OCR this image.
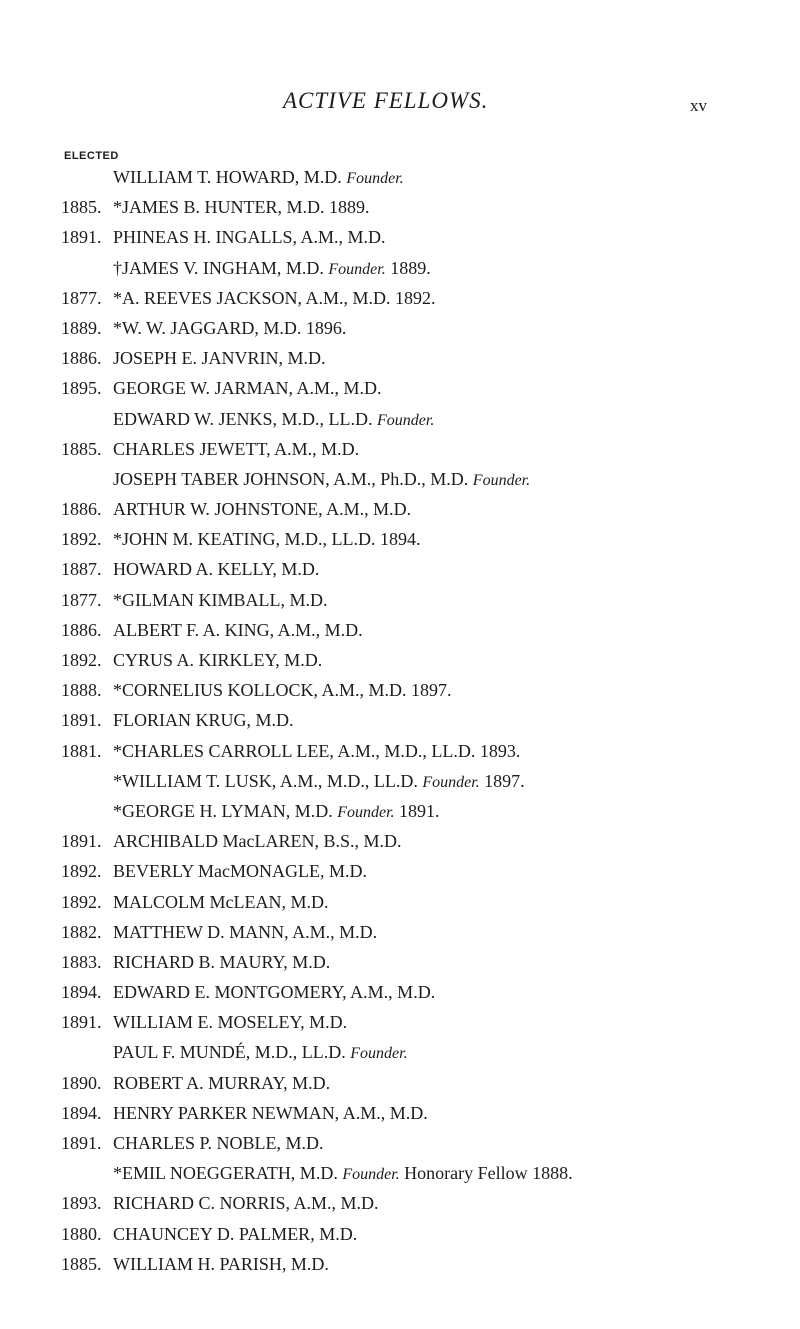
ACTIVE FELLOWS.	xv
ELECTED
WILLIAM T. HOWARD, M.D. Founder.
1885. *JAMES B. HUNTER, M.D. 1889.
1891. PHINEAS H. INGALLS, A.M., M.D.
†JAMES V. INGHAM, M.D. Founder. 1889.
1877. *A. REEVES JACKSON, A.M., M.D. 1892.
1889. *W. W. JAGGARD, M.D. 1896.
1886. JOSEPH E. JANVRIN, M.D.
1895. GEORGE W. JARMAN, A.M., M.D.
EDWARD W. JENKS, M.D., LL.D. Founder.
1885. CHARLES JEWETT, A.M., M.D.
JOSEPH TABER JOHNSON, A.M., Ph.D., M.D. Founder.
1886. ARTHUR W. JOHNSTONE, A.M., M.D.
1892. *JOHN M. KEATING, M.D., LL.D. 1894.
1887. HOWARD A. KELLY, M.D.
1877. *GILMAN KIMBALL, M.D.
1886. ALBERT F. A. KING, A.M., M.D.
1892. CYRUS A. KIRKLEY, M.D.
1888. *CORNELIUS KOLLOCK, A.M., M.D. 1897.
1891. FLORIAN KRUG, M.D.
1881. *CHARLES CARROLL LEE, A.M., M.D., LL.D. 1893.
*WILLIAM T. LUSK, A.M., M.D., LL.D. Founder. 1897.
*GEORGE H. LYMAN, M.D. Founder. 1891.
1891. ARCHIBALD MacLAREN, B.S., M.D.
1892. BEVERLY MacMONAGLE, M.D.
1892. MALCOLM McLEAN, M.D.
1882. MATTHEW D. MANN, A.M., M.D.
1883. RICHARD B. MAURY, M.D.
1894. EDWARD E. MONTGOMERY, A.M., M.D.
1891. WILLIAM E. MOSELEY, M.D.
PAUL F. MUNDÉ, M.D., LL.D. Founder.
1890. ROBERT A. MURRAY, M.D.
1894. HENRY PARKER NEWMAN, A.M., M.D.
1891. CHARLES P. NOBLE, M.D.
*EMIL NOEGGERATH, M.D. Founder. Honorary Fellow 1888.
1893. RICHARD C. NORRIS, A.M., M.D.
1880. CHAUNCEY D. PALMER, M.D.
1885. WILLIAM H. PARISH, M.D.
